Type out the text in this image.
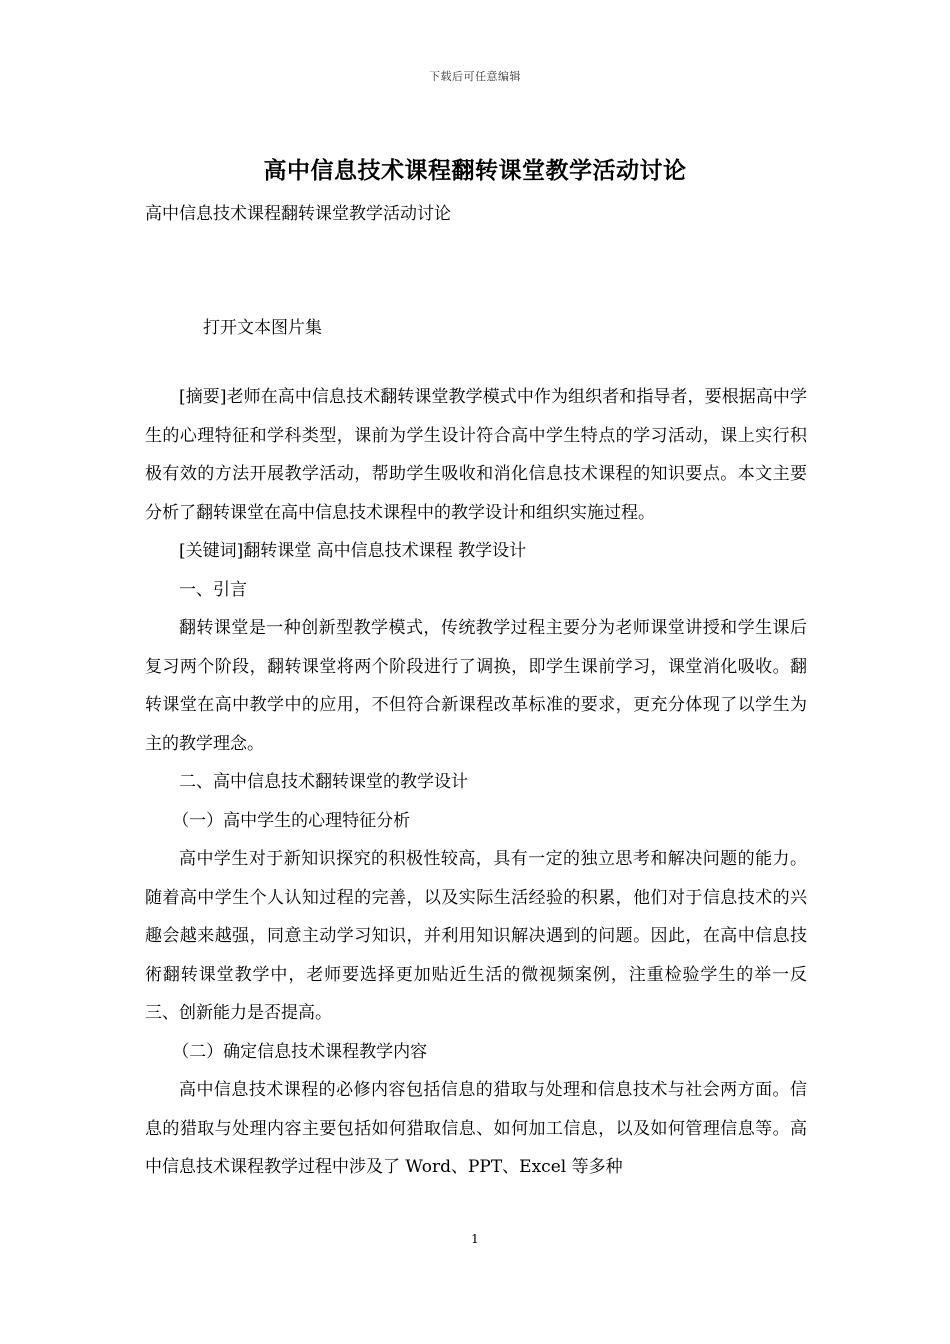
下载后可任意编辑
高中信息技术课程翻转课堂教学活动讨论
高中信息技术课程翻转课堂教学活动讨论
打开文本图片集

[摘要]老师在高中信息技术翻转课堂教学模式中作为组织者和指导者，要根据高中学生的心理特征和学科类型，课前为学生设计符合高中学生特点的学习活动，课上实行积极有效的方法开展教学活动，帮助学生吸收和消化信息技术课程的知识要点。本文主要分析了翻转课堂在高中信息技术课程中的教学设计和组织实施过程。

[关键词]翻转课堂 高中信息技术课程 教学设计

一、引言

翻转课堂是一种创新型教学模式，传统教学过程主要分为老师课堂讲授和学生课后复习两个阶段，翻转课堂将两个阶段进行了调换，即学生课前学习，课堂消化吸收。翻转课堂在高中教学中的应用，不但符合新课程改革标准的要求，更充分体现了以学生为主的教学理念。

二、高中信息技术翻转课堂的教学设计

（一）高中学生的心理特征分析

高中学生对于新知识探究的积极性较高，具有一定的独立思考和解决问题的能力。随着高中学生个人认知过程的完善，以及实际生活经验的积累，他们对于信息技术的兴趣会越来越强，同意主动学习知识，并利用知识解决遇到的问题。因此，在高中信息技術翻转课堂教学中，老师要选择更加贴近生活的微视频案例，注重检验学生的举一反三、创新能力是否提高。

（二）确定信息技术课程教学内容

高中信息技术课程的必修内容包括信息的猎取与处理和信息技术与社会两方面。信息的猎取与处理内容主要包括如何猎取信息、如何加工信息，以及如何管理信息等。高中信息技术课程教学过程中涉及了 Word、PPT、Excel 等多种

1
